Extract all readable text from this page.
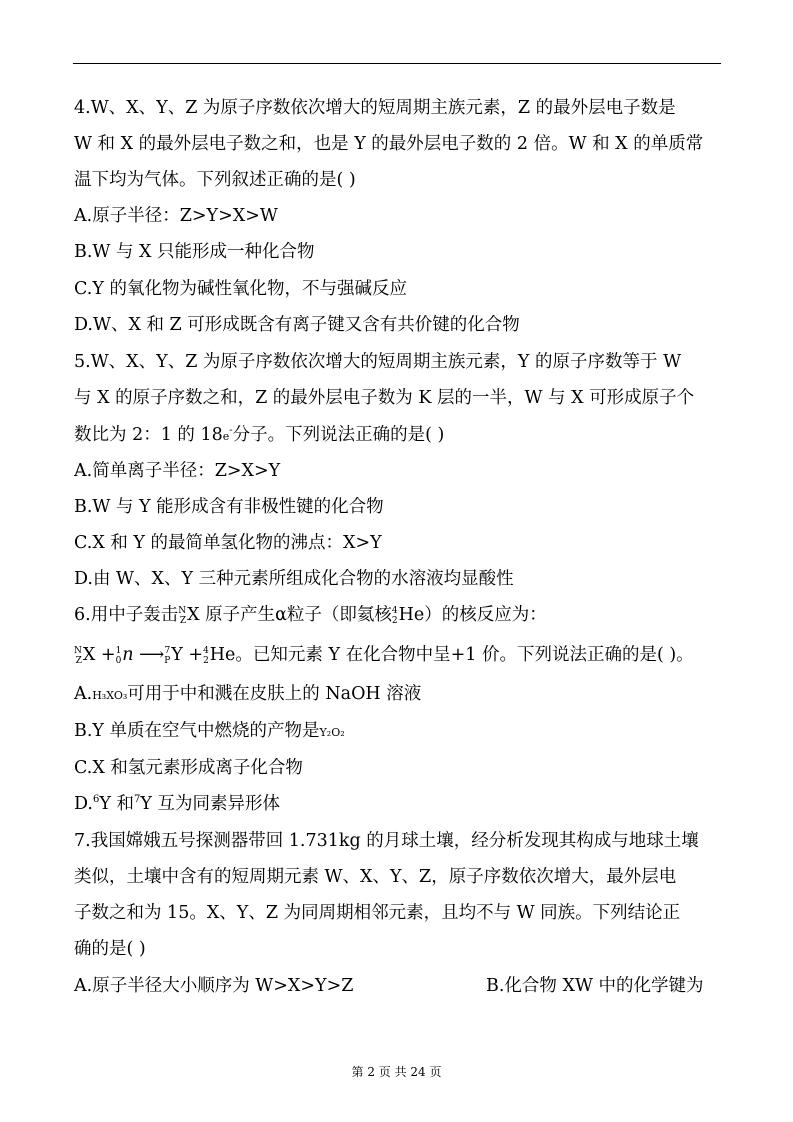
4.W、X、Y、Z 为原子序数依次增大的短周期主族元素，Z 的最外层电子数是
W 和 X 的最外层电子数之和，也是 Y 的最外层电子数的 2 倍。W 和 X 的单质常
温下均为气体。下列叙述正确的是( )
A.原子半径：Z>Y>X>W
B.W 与 X 只能形成一种化合物
C.Y 的氧化物为碱性氧化物，不与强碱反应
D.W、X 和 Z 可形成既含有离子键又含有共价键的化合物
5.W、X、Y、Z 为原子序数依次增大的短周期主族元素，Y 的原子序数等于 W
与 X 的原子序数之和，Z 的最外层电子数为 K 层的一半，W 与 X 可形成原子个
数比为 2：1 的 18e-分子。下列说法正确的是( )
A.简单离子半径：Z>X>Y
B.W 与 Y 能形成含有非极性键的化合物
C.X 和 Y 的最简单氢化物的沸点：X>Y
D.由 W、X、Y 三种元素所组成化合物的水溶液均显酸性
6.用中子轰击 N
Z X 原子产生α粒子（即氦核 4
2 He）的核反应为：
N
Z X + 1
0 n ⟶ 7
P Y + 4
2 He。已知元素 Y 在化合物中呈+1 价。下列说法正确的是( )。
A.H₃XO₃可用于中和溅在皮肤上的 NaOH 溶液
B.Y 单质在空气中燃烧的产物是Y₂O₂
C.X 和氢元素形成离子化合物
D.$^6$Y 和$^7$Y 互为同素异形体
7.我国嫦娥五号探测器带回 1.731kg 的月球土壤，经分析发现其构成与地球土壤
类似，土壤中含有的短周期元素 W、X、Y、Z，原子序数依次增大，最外层电
子数之和为 15。X、Y、Z 为同周期相邻元素，且均不与 W 同族。下列结论正
确的是( )
A.原子半径大小顺序为 W>X>Y>Z	B.化合物 XW 中的化学键为
第 2 页 共 24 页
